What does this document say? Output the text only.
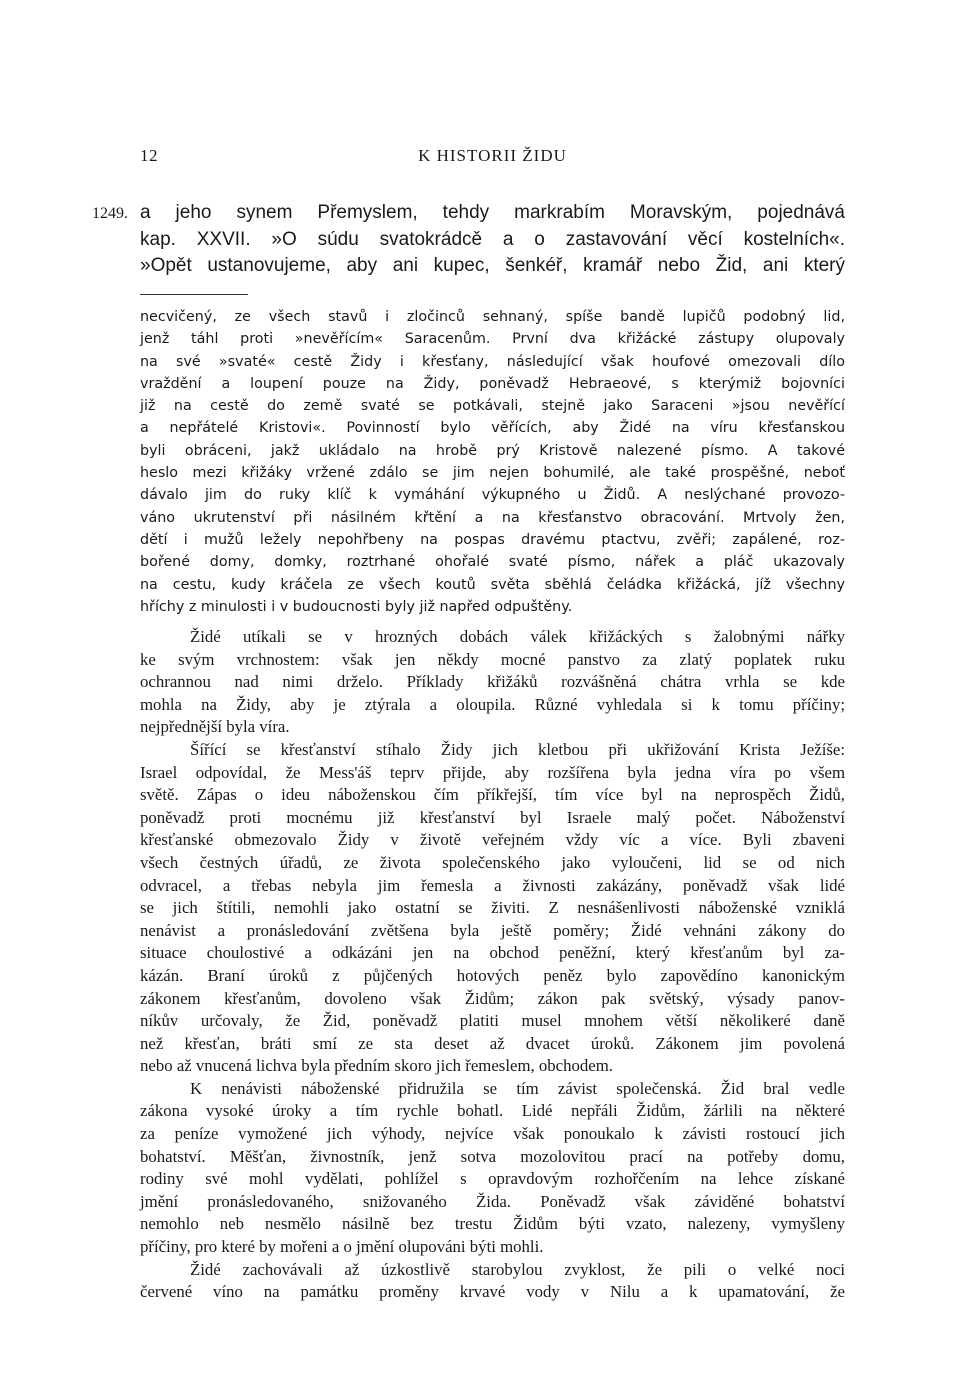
12	K HISTORII ŽIDU
1249. a jeho synem Přemyslem, tehdy markrabím Moravským, pojednává
kap. XXVII. »O súdu svatokrádcě a o zastavování věcí kostelních«.
»Opět ustanovujeme, aby ani kupec, šenkéř, kramář nebo Žid, ani který
necvičený, ze všech stavů i zločinců sehnaný, spíše bandě lupičů podobný lid,
jenž táhl proti »nevěřícím« Saracenům. První dva křižácké zástupy olupovaly
na své »svaté« cestě Židy i křesťany, následující však houfové omezovali dílo
vraždění a loupení pouze na Židy, poněvadž Hebraeové, s kterýmiž bojovníci
již na cestě do země svaté se potkávali, stejně jako Saraceni »jsou nevěřící
a nepřátelé Kristovi«. Povinností bylo věřících, aby Židé na víru křesťanskou
byli obráceni, jakž ukládalo na hrobě prý Kristově nalezené písmo. A takové
heslo mezi křižáky vržené zdálo se jim nejen bohumilé, ale také prospěšné, neboť
dávalo jim do ruky klíč k vymáhání výkupného u Židů. A neslýchané provozo-
váno ukrutenství při násilném křtění a na křesťanstvo obracování. Mrtvoly žen,
dětí i mužů ležely nepohřbeny na pospas dravému ptactvu, zvěři; zapálené, roz-
bořené domy, domky, roztrhané ohořalé svaté písmo, nářek a pláč ukazovaly
na cestu, kudy kráčela ze všech koutů světa sběhlá čeládka křižácká, jíž všechny
hříchy z minulosti i v budoucnosti byly již napřed odpuštěny.
Židé utíkali se v hrozných dobách válek křižáckých s žalobnými nářky
ke svým vrchnostem: však jen někdy mocné panstvo za zlatý poplatek ruku
ochrannou nad nimi drželo. Příklady křižáků rozvášněná chátra vrhla se kde
mohla na Židy, aby je ztýrala a oloupila. Různé vyhledala si k tomu příčiny;
nejpřednější byla víra.
Šířící se křesťanství stíhalo Židy jich kletbou při ukřižování Krista Ježíše:
Israel odpovídal, že Mess'áš teprv přijde, aby rozšířena byla jedna víra po všem
světě. Zápas o ideu náboženskou čím příkřejší, tím více byl na neprospěch Židů,
poněvadž proti mocnému již křesťanství byl Israele malý počet. Náboženství
křesťanské obmezovalo Židy v životě veřejném vždy víc a více. Byli zbaveni
všech čestných úřadů, ze života společenského jako vyloučeni, lid se od nich
odvracel, a třebas nebyla jim řemesla a živnosti zakázány, poněvadž však lidé
se jich štítili, nemohli jako ostatní se živiti. Z nesnášenlivosti náboženské vzniklá
nenávist a pronásledování zvětšena byla ještě poměry; Židé vehnáni zákony do
situace choulostivé a odkázáni jen na obchod peněžní, který křesťanům byl za-
kázán. Braní úroků z půjčených hotových peněz bylo zapovědíno kanonickým
zákonem křesťanům, dovoleno však Židům; zákon pak světský, výsady panov-
níkův určovaly, že Žid, poněvadž platiti musel mnohem větší několikeré daně
než křesťan, bráti smí ze sta deset až dvacet úroků. Zákonem jim povolená
nebo až vnucená lichva byla předním skoro jich řemeslem, obchodem.
K nenávisti náboženské přidružila se tím závist společenská. Žid bral vedle
zákona vysoké úroky a tím rychle bohatl. Lidé nepřáli Židům, žárlili na některé
za peníze vymožené jich výhody, nejvíce však ponoukalo k závisti rostoucí jich
bohatství. Měšťan, živnostník, jenž sotva mozolovitou prací na potřeby domu,
rodiny své mohl vydělati, pohlížel s opravdovým rozhořčením na lehce získané
jmění pronásledovaného, snižovaného Žida. Poněvadž však záviděné bohatství
nemohlo neb nesmělo násilně bez trestu Židům býti vzato, nalezeny, vymyšleny
příčiny, pro které by mořeni a o jmění olupováni býti mohli.
Židé zachovávali až úzkostlivě starobylou zvyklost, že pili o velké noci
červené víno na památku proměny krvavé vody v Nilu a k upamatování, že
